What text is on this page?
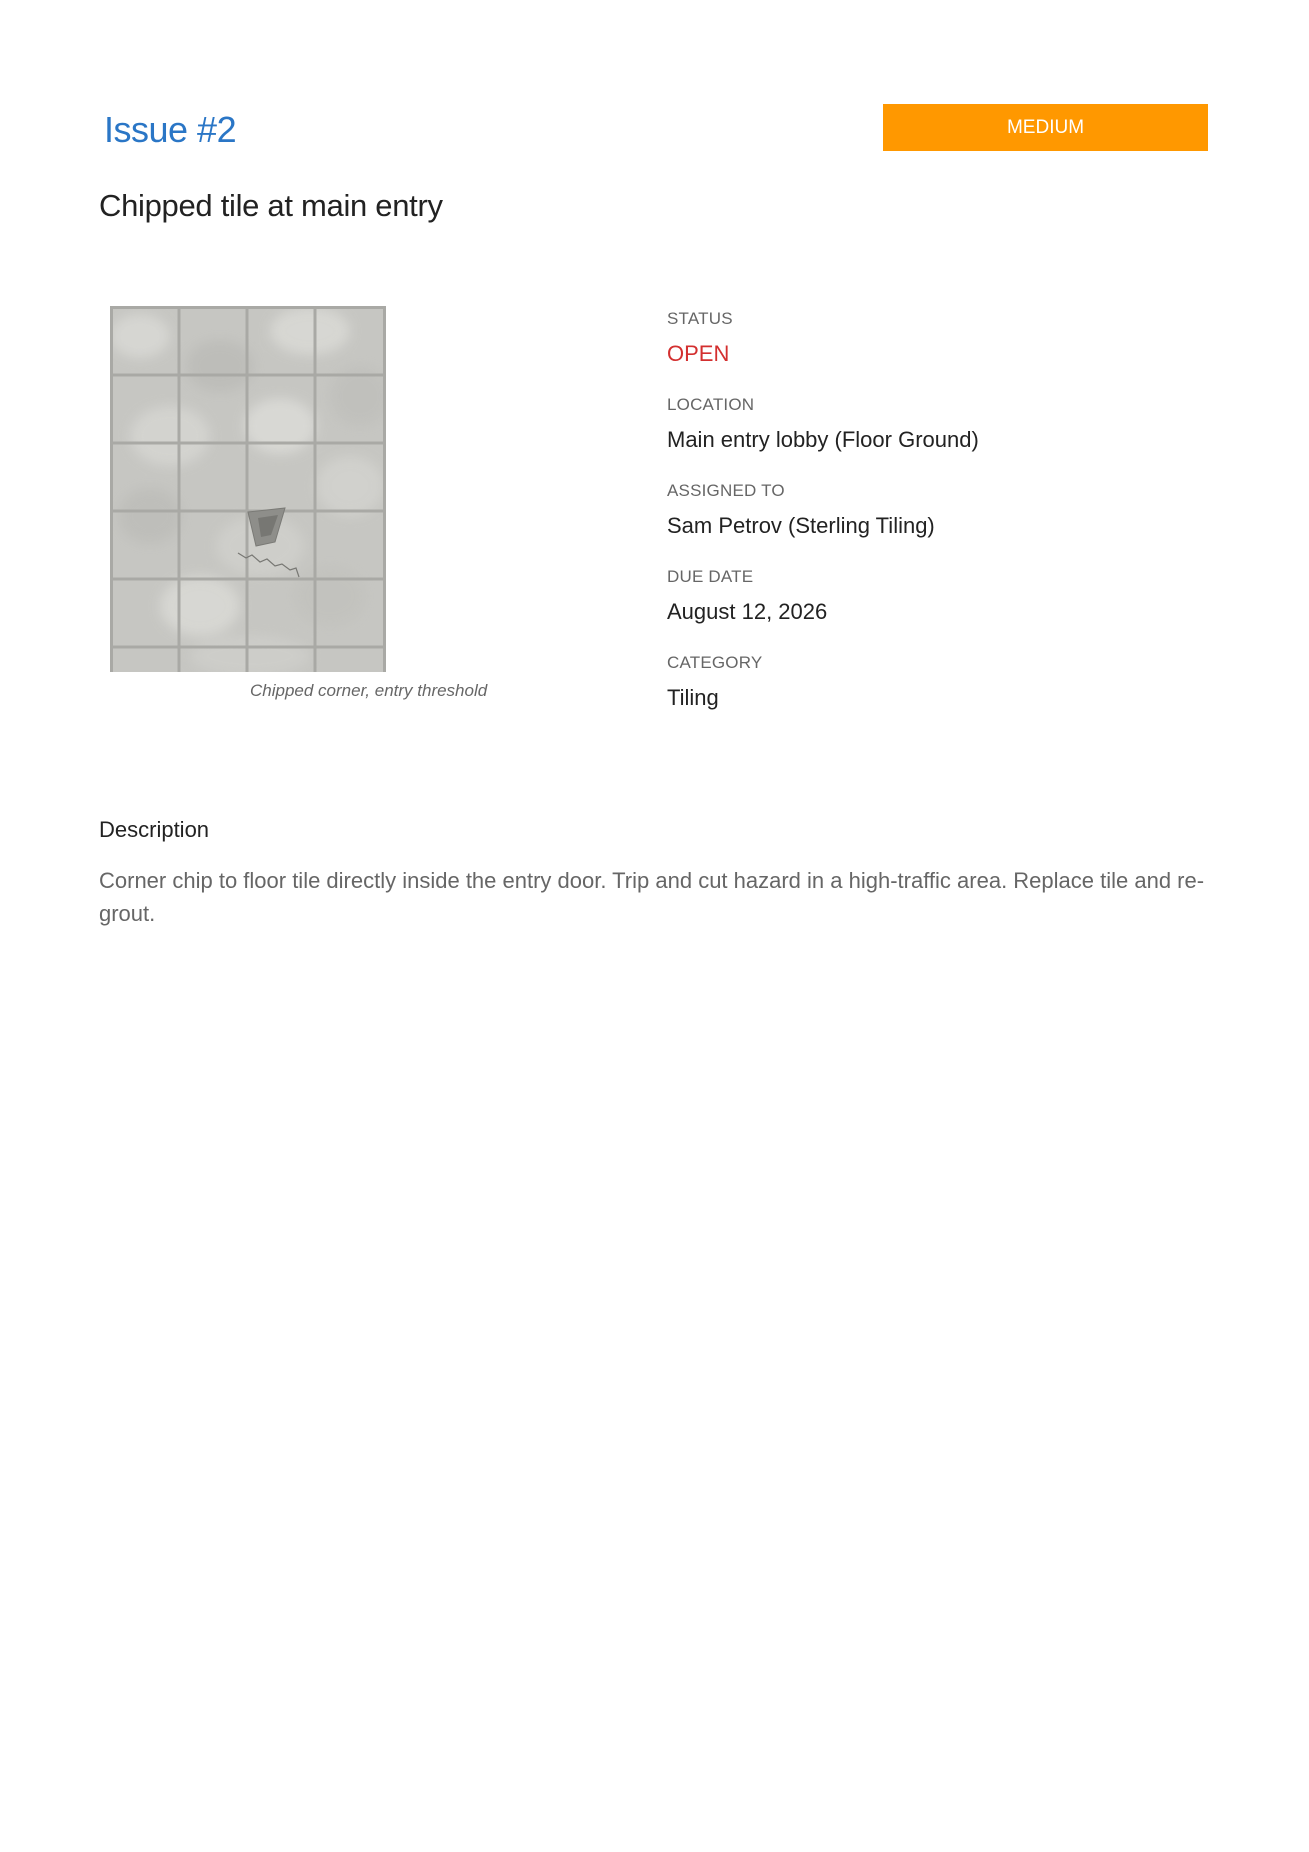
Issue #2	MEDIUM
Chipped tile at main entry
Chipped corner, entry threshold
STATUS
OPEN
LOCATION
Main entry lobby (Floor Ground)
ASSIGNED TO
Sam Petrov (Sterling Tiling)
DUE DATE
August 12, 2026
CATEGORY
Tiling
Description

Corner chip to floor tile directly inside the entry door. Trip and cut hazard in a high-traffic area. Replace tile and re-grout.
